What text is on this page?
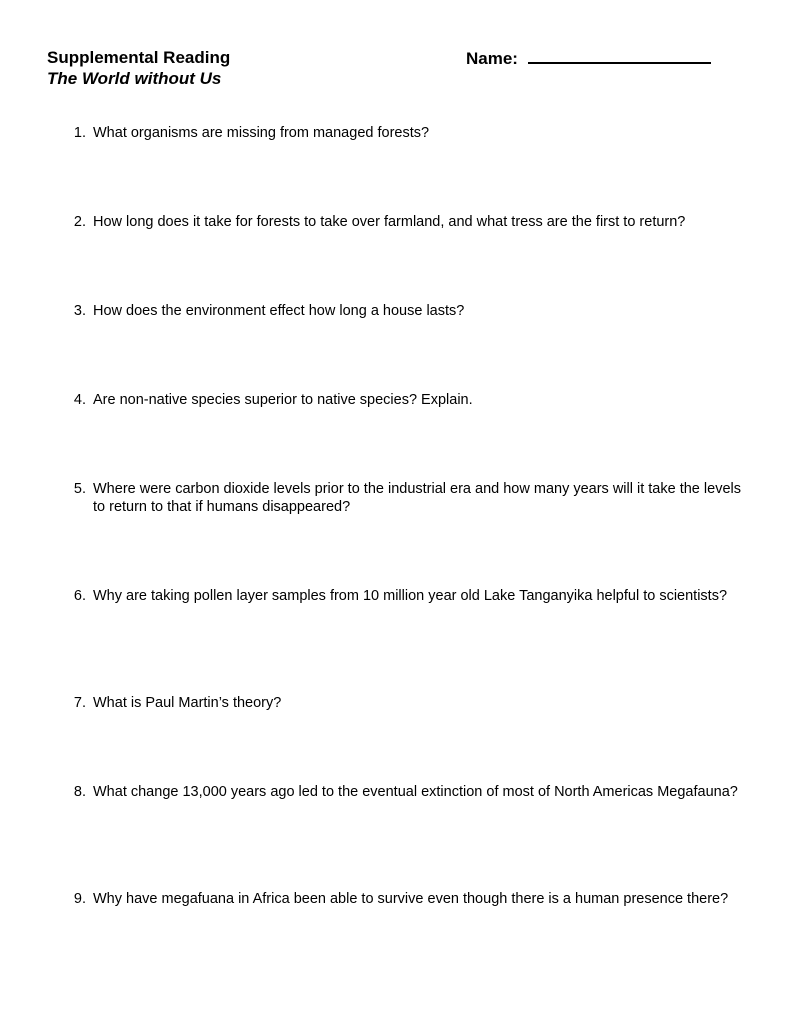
Supplemental Reading
The World without Us
Name:
1. What organisms are missing from managed forests?
2. How long does it take for forests to take over farmland, and what tress are the first to return?
3. How does the environment effect how long a house lasts?
4. Are non-native species superior to native species? Explain.
5. Where were carbon dioxide levels prior to the industrial era and how many years will it take the levels to return to that if humans disappeared?
6. Why are taking pollen layer samples from 10 million year old Lake Tanganyika helpful to scientists?
7. What is Paul Martin’s theory?
8. What change 13,000 years ago led to the eventual extinction of most of North Americas Megafauna?
9. Why have megafuana in Africa been able to survive even though there is a human presence there?
